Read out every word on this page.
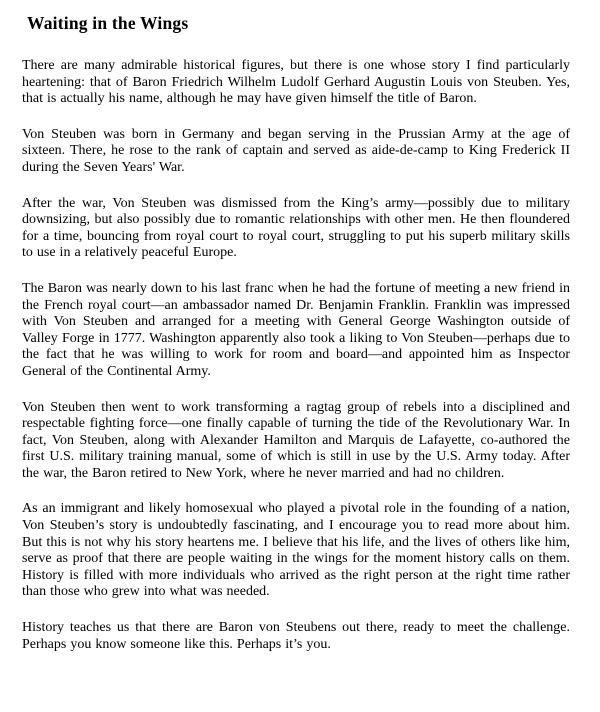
Waiting in the Wings

There are many admirable historical figures, but there is one whose story I find particularly heartening: that of Baron Friedrich Wilhelm Ludolf Gerhard Augustin Louis von Steuben. Yes, that is actually his name, although he may have given himself the title of Baron.

Von Steuben was born in Germany and began serving in the Prussian Army at the age of sixteen. There, he rose to the rank of captain and served as aide-de-camp to King Frederick II during the Seven Years' War.

After the war, Von Steuben was dismissed from the King’s army—possibly due to military downsizing, but also possibly due to romantic relationships with other men. He then floundered for a time, bouncing from royal court to royal court, struggling to put his superb military skills to use in a relatively peaceful Europe.

The Baron was nearly down to his last franc when he had the fortune of meeting a new friend in the French royal court—an ambassador named Dr. Benjamin Franklin. Franklin was impressed with Von Steuben and arranged for a meeting with General George Washington outside of Valley Forge in 1777. Washington apparently also took a liking to Von Steuben—perhaps due to the fact that he was willing to work for room and board—and appointed him as Inspector General of the Continental Army.

Von Steuben then went to work transforming a ragtag group of rebels into a disciplined and respectable fighting force—one finally capable of turning the tide of the Revolutionary War. In fact, Von Steuben, along with Alexander Hamilton and Marquis de Lafayette, co-authored the first U.S. military training manual, some of which is still in use by the U.S. Army today. After the war, the Baron retired to New York, where he never married and had no children.

As an immigrant and likely homosexual who played a pivotal role in the founding of a nation, Von Steuben’s story is undoubtedly fascinating, and I encourage you to read more about him. But this is not why his story heartens me. I believe that his life, and the lives of others like him, serve as proof that there are people waiting in the wings for the moment history calls on them. History is filled with more individuals who arrived as the right person at the right time rather than those who grew into what was needed.

History teaches us that there are Baron von Steubens out there, ready to meet the challenge. Perhaps you know someone like this. Perhaps it’s you.
